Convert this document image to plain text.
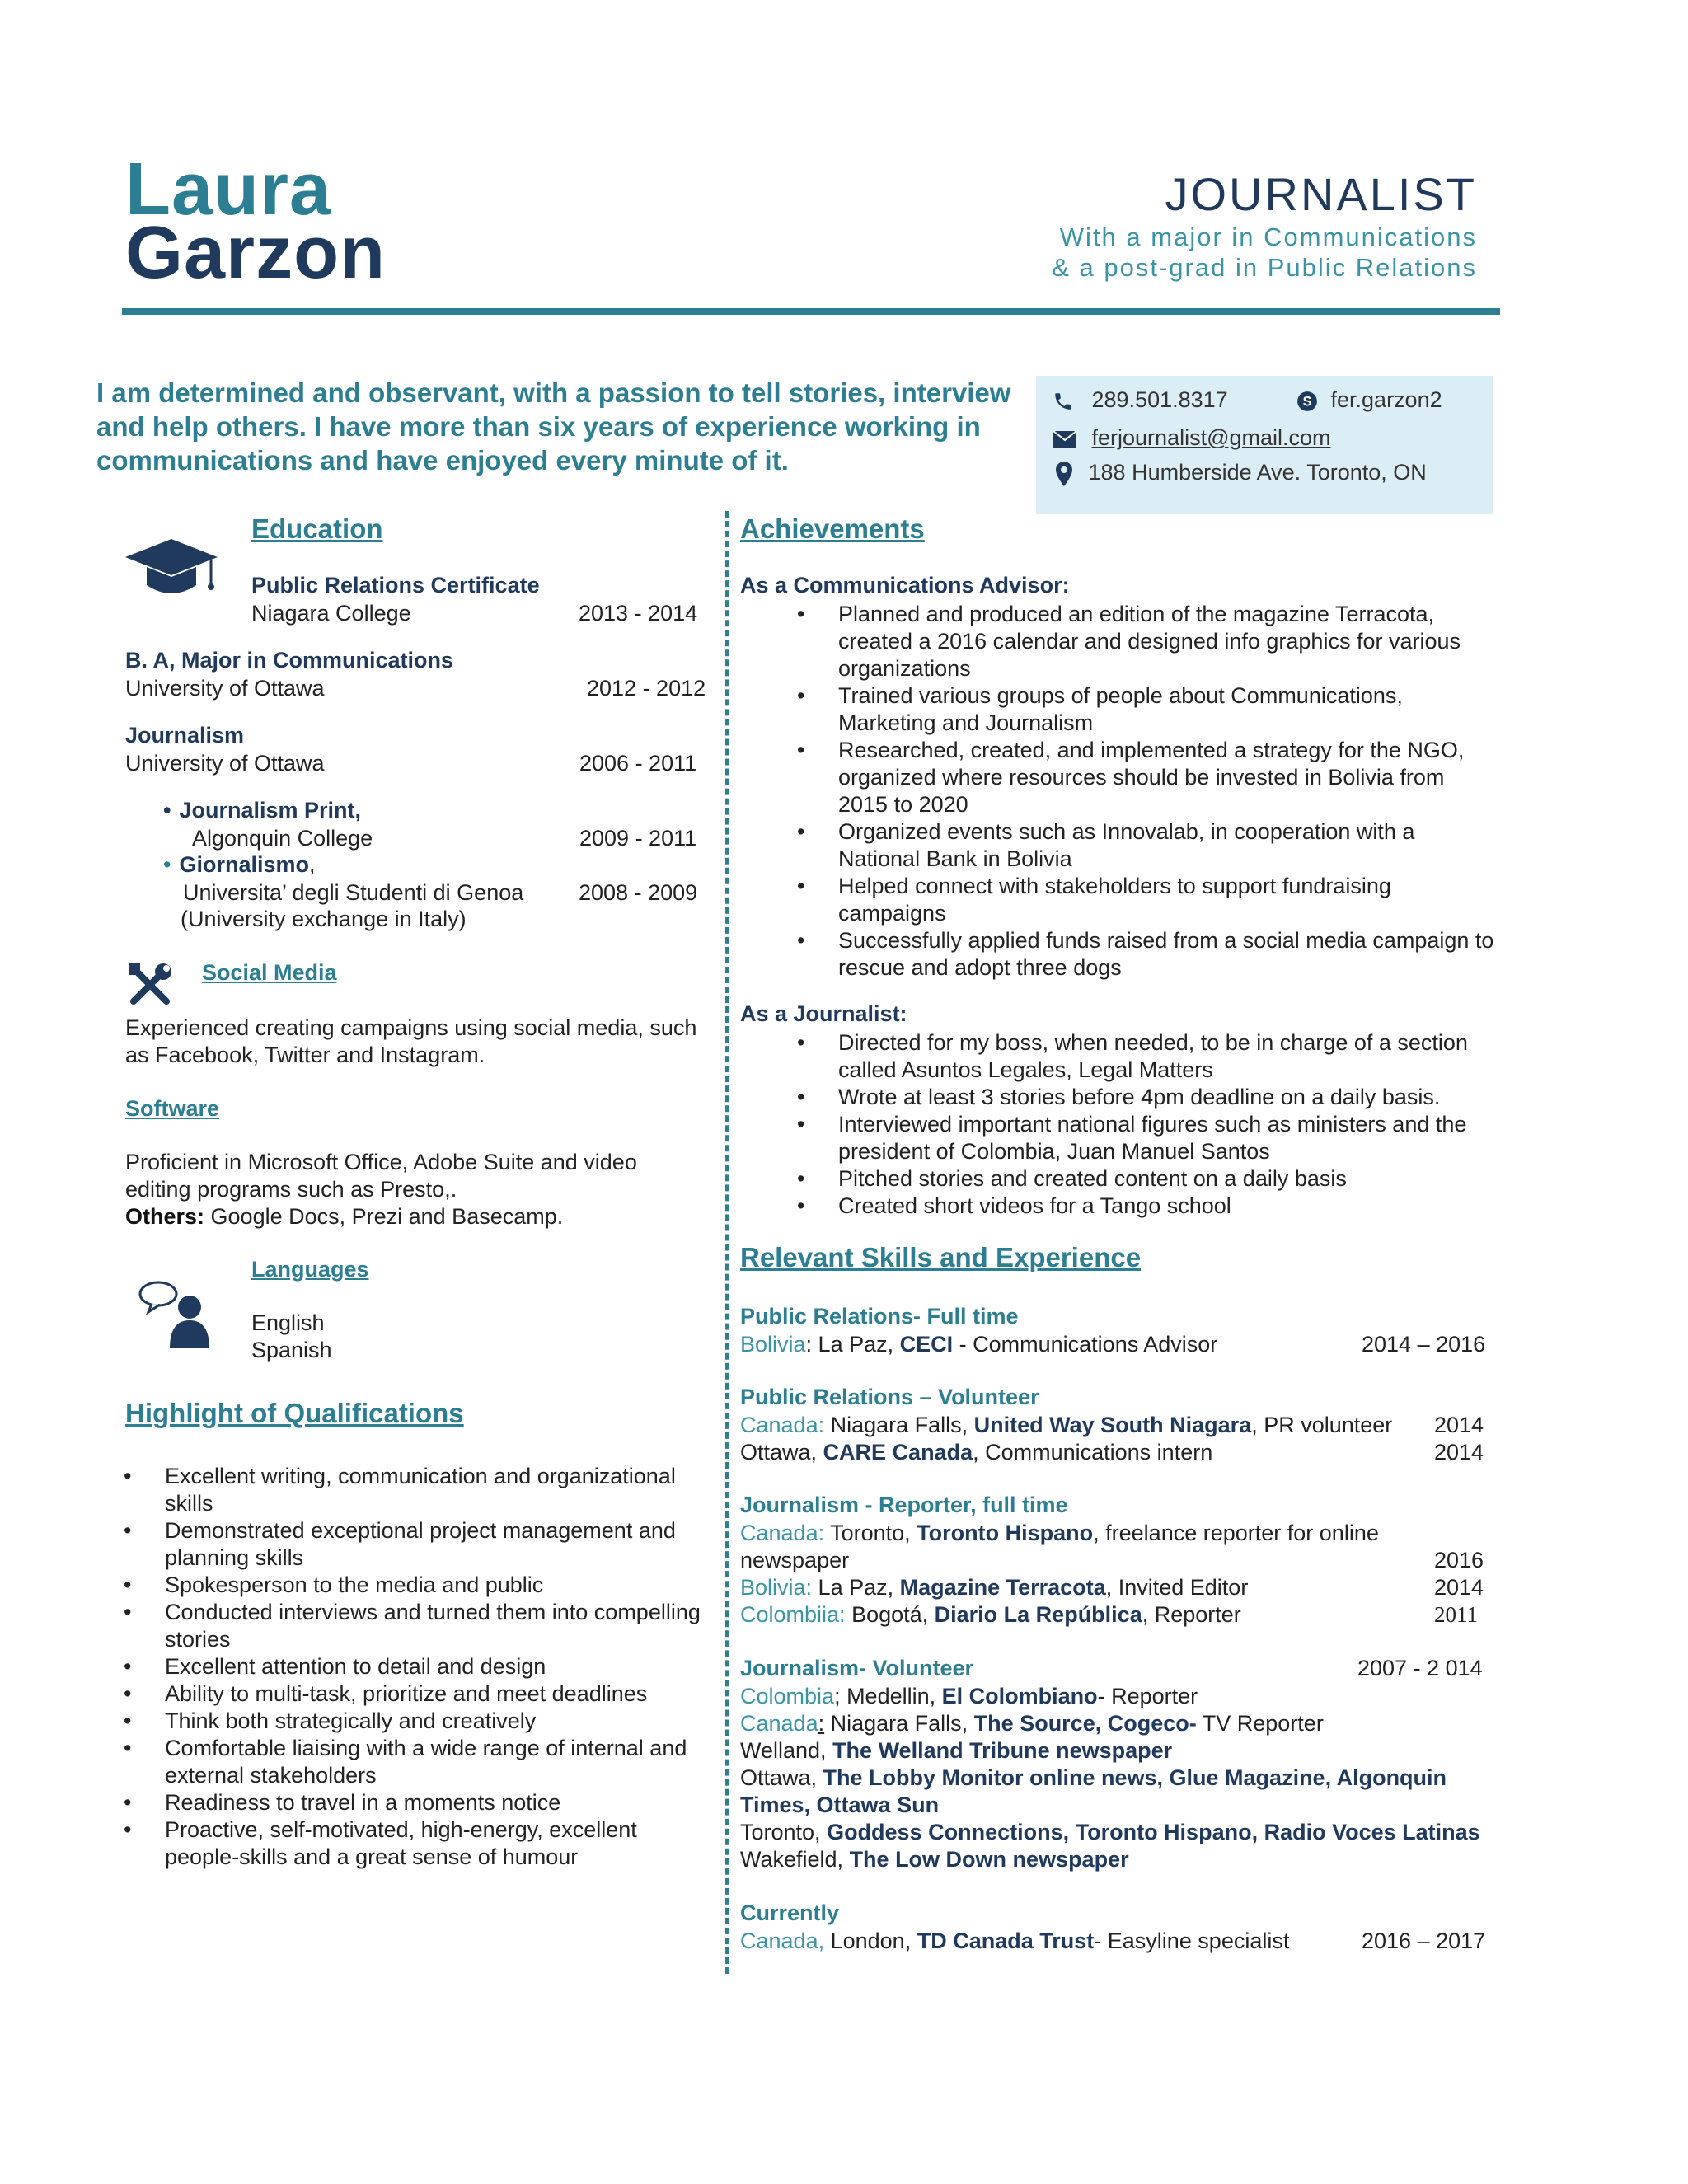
Laura
Garzon
JOURNALIST
With a major in Communications
& a post-grad in Public Relations
I am determined and observant, with a passion to tell stories, interview and help others. I have more than six years of experience working in communications and have enjoyed every minute of it.
289.501.8317	S fer.garzon2
ferjournalist@gmail.com
188 Humberside Ave. Toronto, ON
Education
Public Relations Certificate
Niagara College	2013 - 2014
B. A, Major in Communications
University of Ottawa	2012 - 2012
Journalism
University of Ottawa	2006 - 2011
• Journalism Print,
Algonquin College	2009 - 2011
• Giornalismo,
Universita’ degli Studenti di Genoa 2008 - 2009
(University exchange in Italy)
Social Media
Experienced creating campaigns using social media, such as Facebook, Twitter and Instagram.
Software
Proficient in Microsoft Office, Adobe Suite and video editing programs such as Presto,.
Others: Google Docs, Prezi and Basecamp.
Languages
English
Spanish
Highlight of Qualifications
• Excellent writing, communication and organizational skills
• Demonstrated exceptional project management and planning skills
• Spokesperson to the media and public
• Conducted interviews and turned them into compelling stories
• Excellent attention to detail and design
• Ability to multi-task, prioritize and meet deadlines
• Think both strategically and creatively
• Comfortable liaising with a wide range of internal and external stakeholders
• Readiness to travel in a moments notice
• Proactive, self-motivated, high-energy, excellent people-skills and a great sense of humour
Achievements
As a Communications Advisor:
• Planned and produced an edition of the magazine Terracota, created a 2016 calendar and designed info graphics for various organizations
• Trained various groups of people about Communications, Marketing and Journalism
• Researched, created, and implemented a strategy for the NGO, organized where resources should be invested in Bolivia from 2015 to 2020
• Organized events such as Innovalab, in cooperation with a National Bank in Bolivia
• Helped connect with stakeholders to support fundraising campaigns
• Successfully applied funds raised from a social media campaign to rescue and adopt three dogs
As a Journalist:
• Directed for my boss, when needed, to be in charge of a section called Asuntos Legales, Legal Matters
• Wrote at least 3 stories before 4pm deadline on a daily basis.
• Interviewed important national figures such as ministers and the president of Colombia, Juan Manuel Santos
• Pitched stories and created content on a daily basis
• Created short videos for a Tango school
Relevant Skills and Experience
Public Relations- Full time
Bolivia: La Paz, CECI - Communications Advisor	2014 – 2016
Public Relations – Volunteer
Canada: Niagara Falls, United Way South Niagara, PR volunteer 2014
Ottawa, CARE Canada, Communications intern	2014
Journalism - Reporter, full time
Canada: Toronto, Toronto Hispano, freelance reporter for online
newspaper	2016
Bolivia: La Paz, Magazine Terracota, Invited Editor	2014
Colombiia: Bogotá, Diario La República, Reporter	2011
Journalism- Volunteer	2007 - 2 014
Colombia; Medellin, El Colombiano- Reporter
Canada: Niagara Falls, The Source, Cogeco- TV Reporter
Welland, The Welland Tribune newspaper
Ottawa, The Lobby Monitor online news, Glue Magazine, Algonquin
Times, Ottawa Sun
Toronto, Goddess Connections, Toronto Hispano, Radio Voces Latinas
Wakefield, The Low Down newspaper
Currently
Canada, London, TD Canada Trust- Easyline specialist	2016 – 2017
